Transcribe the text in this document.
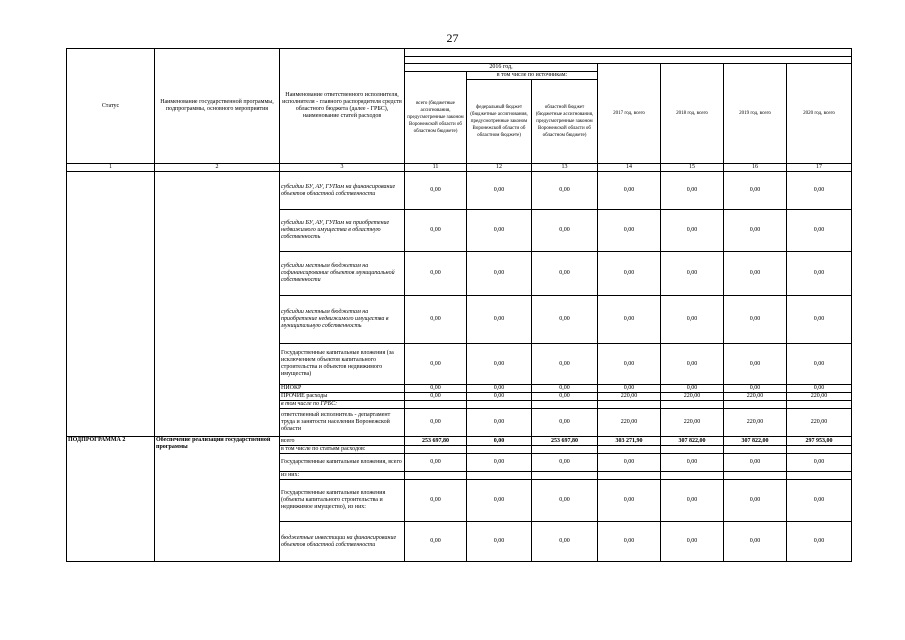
27
Статус	Наименование государственной программы, подпрограммы, основного мероприятия	Наименование ответственного исполнителя, исполнителя - главного распорядителя средств областного бюджета (далее - ГРБС), наименование статей расходов							

			2016 год,			2017 год, всего	2018 год, всего	2019 год, всего	2020 год, всего
			всего (бюджетные ассигнования, предусмотренные законом Воронежской области об областном бюджете)	в том числе по источникам:					
				федеральный бюджет (бюджетные ассигнования, предусмотренные законом Воронежской области об областном бюджете)	областной бюджет (бюджетные ассигнования, предусмотренные законом Воронежской области об областном бюджете)				
1	2	3	11	12	13	14	15	16	17
		субсидии БУ, АУ, ГУПам на финансирование объектов областной собственности	0,00	0,00	0,00	0,00	0,00	0,00	0,00
		субсидии БУ, АУ, ГУПам на приобретение недвижимого имущества в областную собственность	0,00	0,00	0,00	0,00	0,00	0,00	0,00
		субсидии местным бюджетам на софинансирование объектов муниципальной собственности	0,00	0,00	0,00	0,00	0,00	0,00	0,00
		субсидии местным бюджетам на приобретение недвижимого имущества в муниципальную собственность	0,00	0,00	0,00	0,00	0,00	0,00	0,00
		Государственные капитальные вложения (за исключением объектов капитального строительства и объектов недвижимого имущества)	0,00	0,00	0,00	0,00	0,00	0,00	0,00
		НИОКР	0,00	0,00	0,00	0,00	0,00	0,00	0,00
		ПРОЧИЕ расходы	0,00	0,00	0,00	220,00	220,00	220,00	220,00
		в том числе по ГРБС:							
		ответственный исполнитель - департамент труда и занятости населения Воронежской области	0,00	0,00	0,00	220,00	220,00	220,00	220,00
ПОДПРОГРАММА 2	Обеспечение реализации государственной программы	всего	253 697,80	0,00	253 697,80	303 271,90	307 822,00	307 822,00	297 953,00
		в том числе по статьям расходов:							
		Государственные капитальные вложения, всего	0,00	0,00	0,00	0,00	0,00	0,00	0,00
		из них:							
		Государственные капитальные вложения (объекты капитального строительства и недвижимое имущество), из них:	0,00	0,00	0,00	0,00	0,00	0,00	0,00
		бюджетные инвестиции на финансирование объектов областной собственности	0,00	0,00	0,00	0,00	0,00	0,00	0,00
